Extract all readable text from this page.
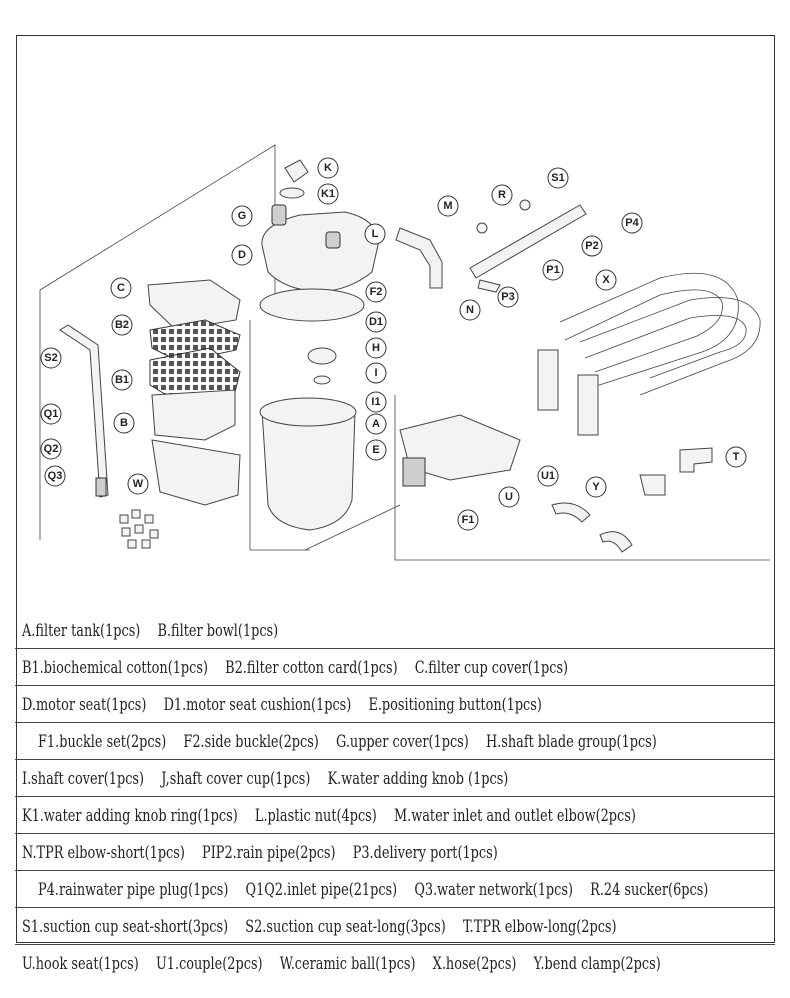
K
K1
G
L
D
M
S1
R
P4
P2
P1
P3
N
F2
C
D1
B2
H
I
B1
I1
S2
A
Q1
B
E
Q2
Q3
W
X
T
Y
U1
U
F1
A.filter tank(1pcs) B.filter bowl(1pcs)
B1.biochemical cotton(1pcs) B2.filter cotton card(1pcs) C.filter cup cover(1pcs)
D.motor seat(1pcs) D1.motor seat cushion(1pcs) E.positioning button(1pcs)
F1.buckle set(2pcs) F2.side buckle(2pcs) G.upper cover(1pcs) H.shaft blade group(1pcs)
I.shaft cover(1pcs) J,shaft cover cup(1pcs) K.water adding knob (1pcs)
K1.water adding knob ring(1pcs) L.plastic nut(4pcs) M.water inlet and outlet elbow(2pcs)
N.TPR elbow-short(1pcs) PIP2.rain pipe(2pcs) P3.delivery port(1pcs)
P4.rainwater pipe plug(1pcs) Q1Q2.inlet pipe(21pcs) Q3.water network(1pcs) R.24 sucker(6pcs)
S1.suction cup seat-short(3pcs) S2.suction cup seat-long(3pcs) T.TPR elbow-long(2pcs)
U.hook seat(1pcs) U1.couple(2pcs) W.ceramic ball(1pcs) X.hose(2pcs) Y.bend clamp(2pcs)
